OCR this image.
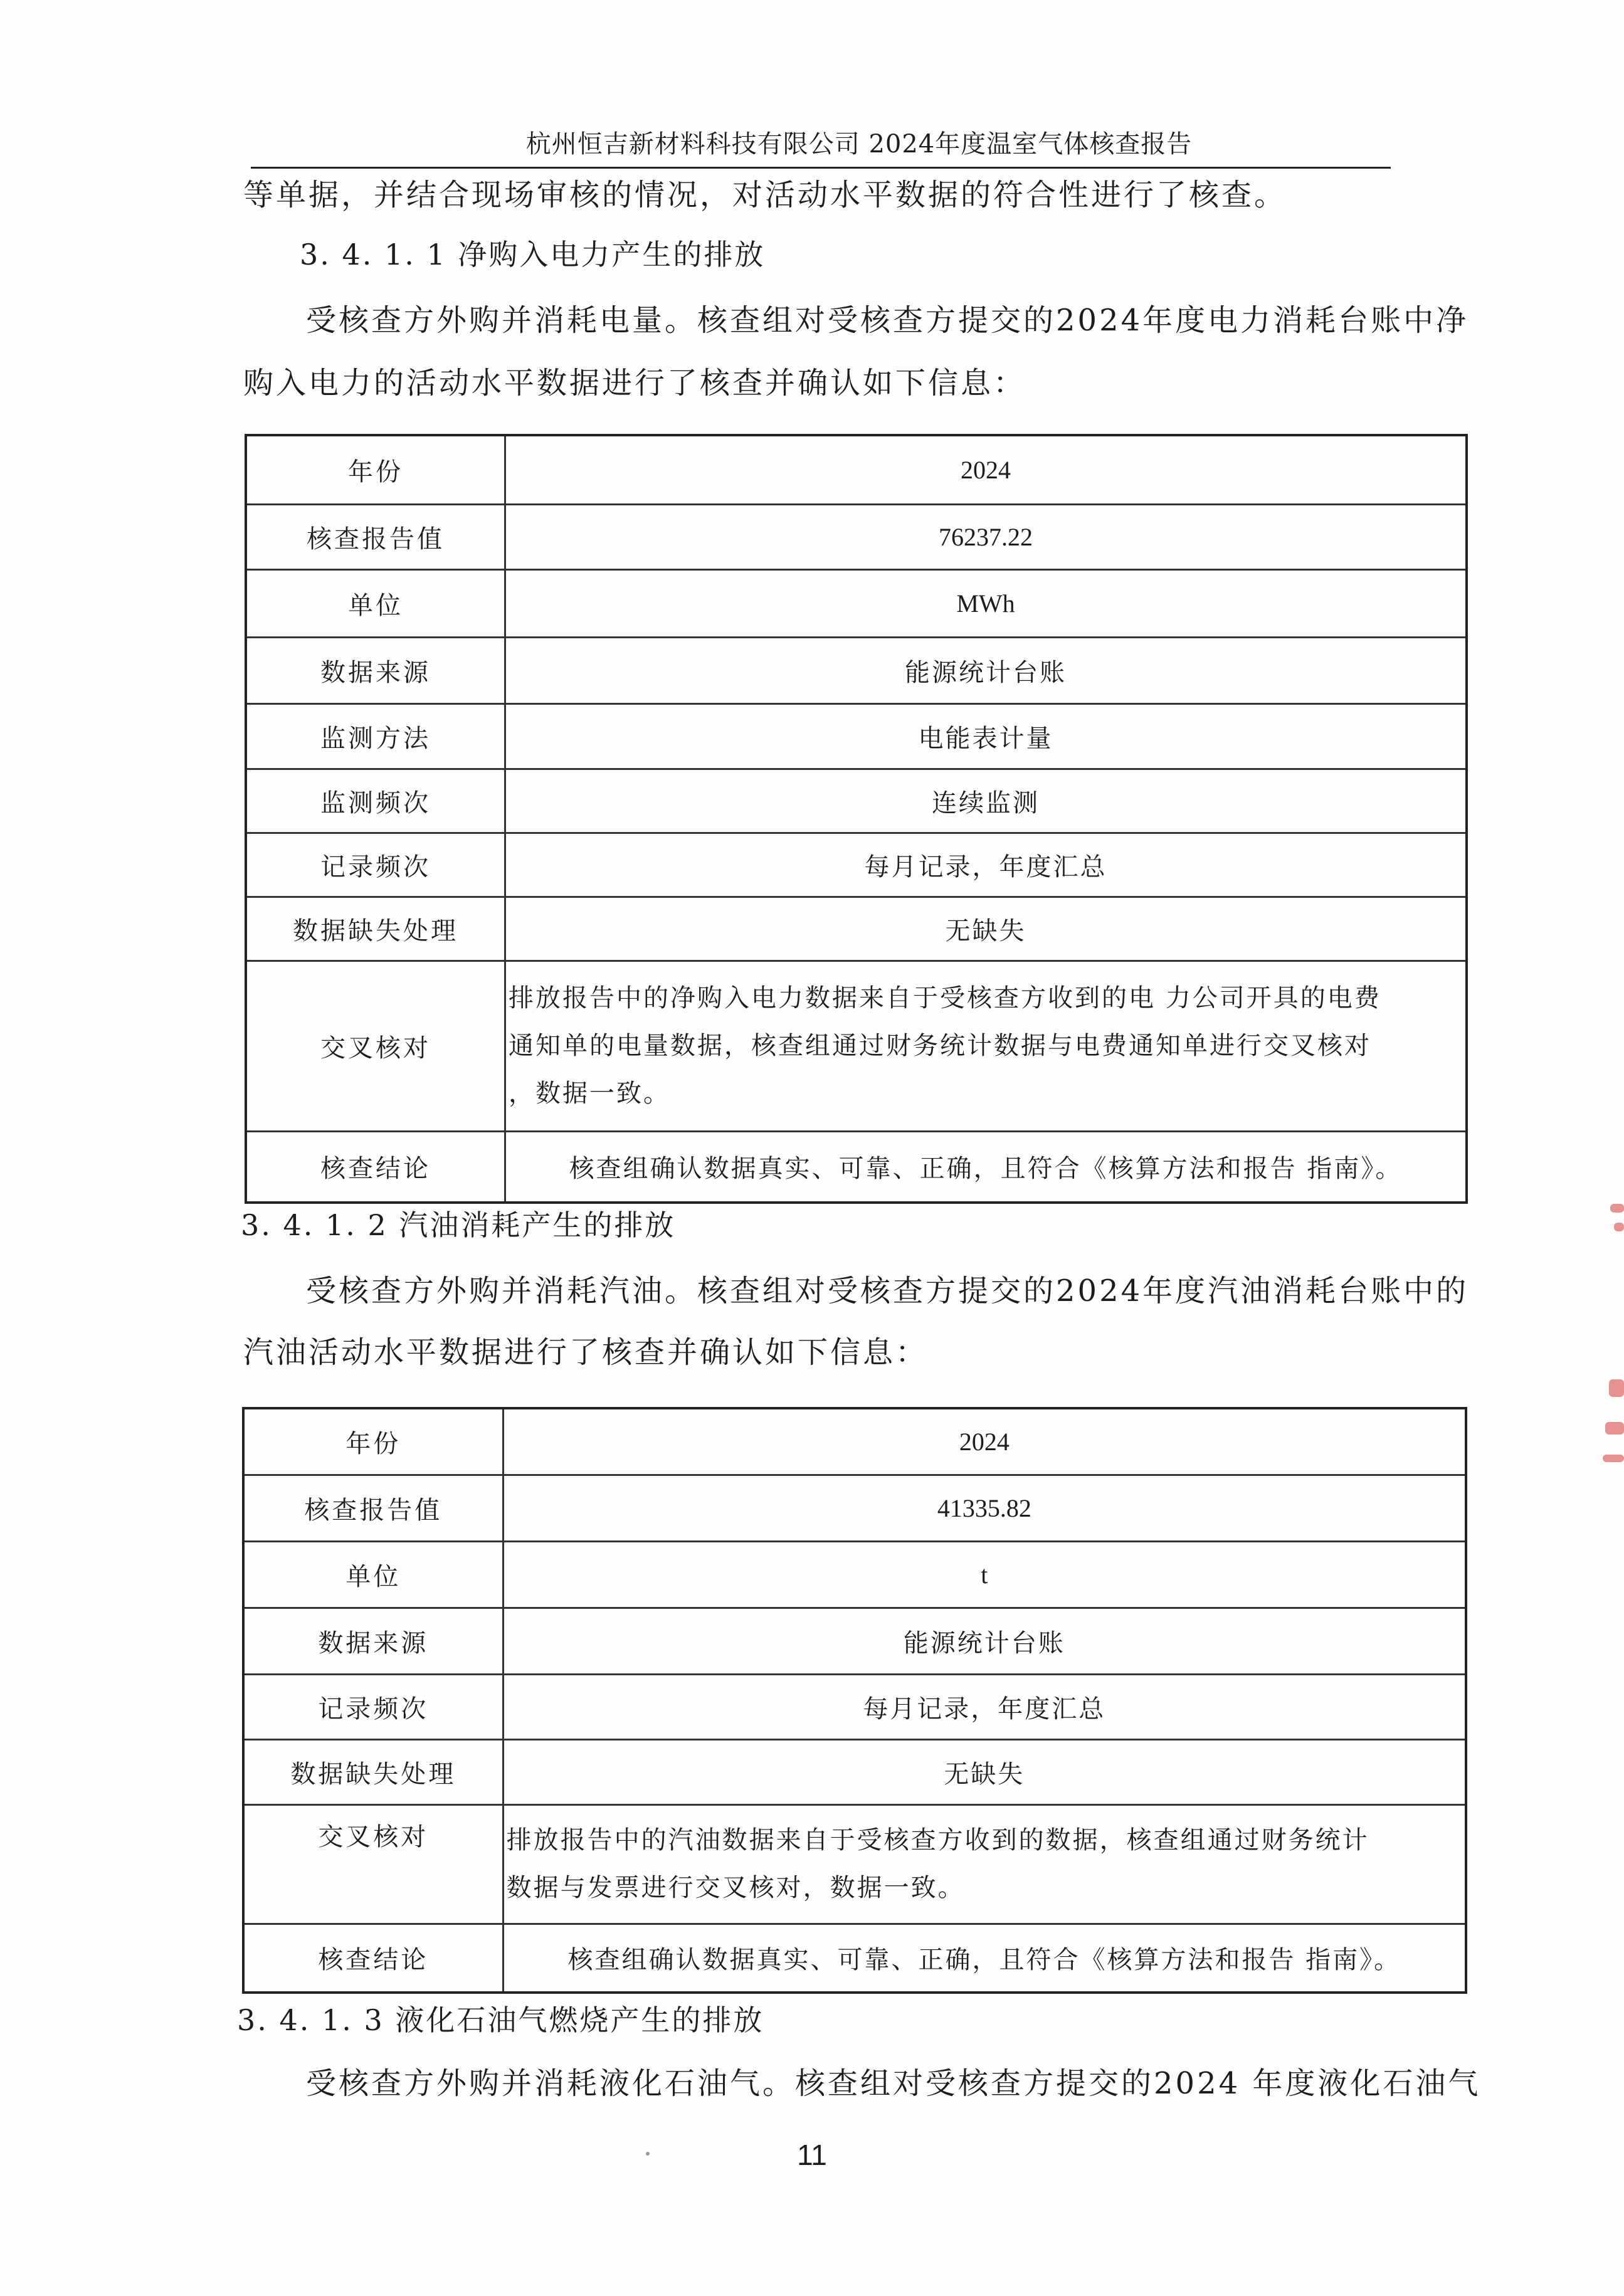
杭州恒吉新材料科技有限公司 2024年度温室气体核查报告
等单据，并结合现场审核的情况，对活动水平数据的符合性进行了核查。
3. 4. 1. 1 净购入电力产生的排放
受核查方外购并消耗电量。核查组对受核查方提交的2024年度电力消耗台账中净
购入电力的活动水平数据进行了核查并确认如下信息：
年份	2024
核查报告值	76237.22
单位	MWh
数据来源	能源统计台账
监测方法	电能表计量
监测频次	连续监测
记录频次	每月记录，年度汇总
数据缺失处理	无缺失
交叉核对	排放报告中的净购入电力数据来自于受核查方收到的电 力公司开具的电费
通知单的电量数据，核查组通过财务统计数据与电费通知单进行交叉核对
，数据一致。

核查结论	核查组确认数据真实、可靠、正确，且符合《核算方法和报告 指南》。
3. 4. 1. 2 汽油消耗产生的排放
受核查方外购并消耗汽油。核查组对受核查方提交的2024年度汽油消耗台账中的
汽油活动水平数据进行了核查并确认如下信息：
年份	2024
核查报告值	41335.82
单位	t
数据来源	能源统计台账
记录频次	每月记录，年度汇总
数据缺失处理	无缺失
交叉核对	排放报告中的汽油数据来自于受核查方收到的数据，核查组通过财务统计
数据与发票进行交叉核对，数据一致。

核查结论	核查组确认数据真实、可靠、正确，且符合《核算方法和报告 指南》。
3. 4. 1. 3 液化石油气燃烧产生的排放
受核查方外购并消耗液化石油气。核查组对受核查方提交的2024 年度液化石油气
11
